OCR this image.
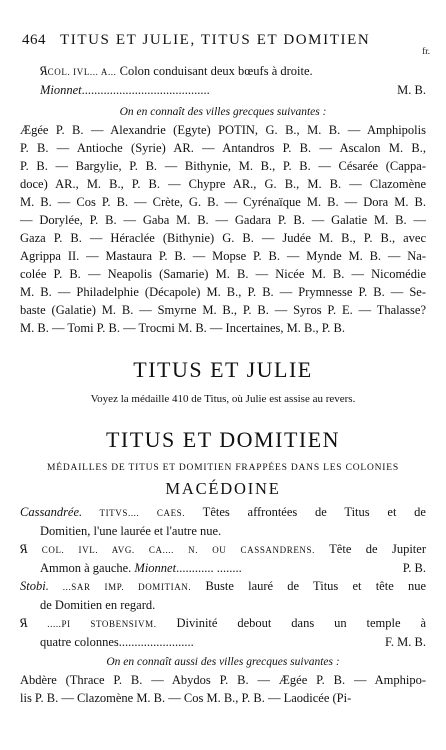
464 TITUS ET JULIE, TITUS ET DOMITIEN
fr.
RCOL. IVL... A... Colon conduisant deux bœufs à droite.
Mionnet.........................................	M. B.
On en connaît des villes grecques suivantes :
Ægée P. B. — Alexandrie (Egyte) POTIN, G. B., M. B. — Amphipolis
P. B. — Antioche (Syrie) AR. — Antandros P. B. — Ascalon M. B.,
P. B. — Bargylie, P. B. — Bithynie, M. B., P. B. — Césarée (Cappa-
doce) AR., M. B., P. B. — Chypre AR., G. B., M. B. — Clazomène
M. B. — Cos P. B. — Crète, G. B. — Cyrénaïque M. B. — Dora M. B.
— Dorylée, P. B. — Gaba M. B. — Gadara P. B. — Galatie M. B. —
Gaza P. B. — Héraclée (Bithynie) G. B. — Judée M. B., P. B., avec
Agrippa II. — Mastaura P. B. — Mopse P. B. — Mynde M. B. — Na-
coléе P. B. — Neapolis (Samarie) M. B. — Nicée M. B. — Nicomédie
M. B. — Philadelphie (Décapole) M. B., P. B. — Prymnesse P. B. — Se-
baste (Galatie) M. B. — Smyrne M. B., P. B. — Syros P. E. — Thalasse?
M. B. — Tomi P. B. — Trocmi M. B. — Incertaines, M. B., P. B.
TITUS ET JULIE
Voyez la médaille 410 de Titus, où Julie est assise au revers.
TITUS ET DOMITIEN
MÉDAILLES DE TITUS ET DOMITIEN FRAPPÉES DANS LES COLONIES
MACÉDOINE
Cassandrée. TITVS.... CAES. Têtes affrontées de Titus et de
Domitien, l'une laurée et l'autre nue.
R COL. IVL. AVG. CA.... N. OU CASSANDRENS. Tête de Jupiter
Ammon à gauche. Mionnet............ ........	P. B.
Stobi. ...SAR IMP. DOMITIAN. Buste lauré de Titus et tête nue
de Domitien en regard.
R .....PI STOBENSIVM. Divinité debout dans un temple à
quatre colonnes........................	F. M. B.
On en connaît aussi des villes grecques suivantes :
Abdère (Thrace P. B. — Abydos P. B. — Ægée P. B. — Amphipo-
lis P. B. — Clazomène M. B. — Cos M. B., P. B. — Laodicée (Pi-
